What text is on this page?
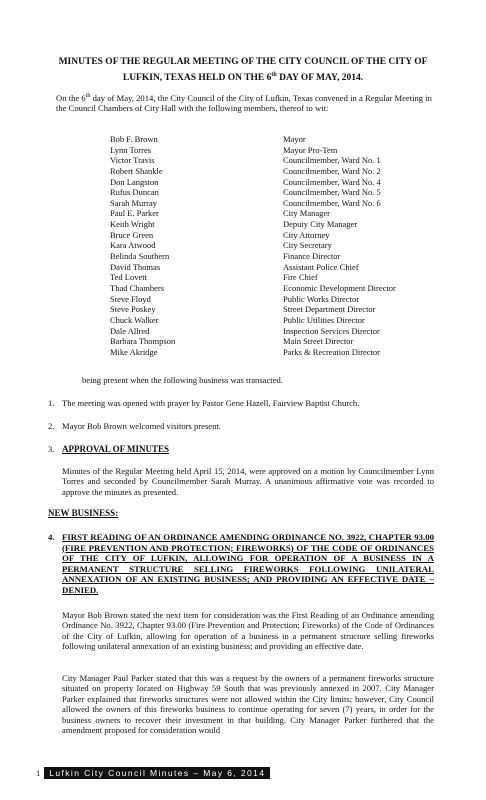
MINUTES OF THE REGULAR MEETING OF THE CITY COUNCIL OF THE CITY OF
LUFKIN, TEXAS HELD ON THE 6th DAY OF MAY, 2014.

On the 6th day of May, 2014, the City Council of the City of Lufkin, Texas convened in a Regular Meeting in the Council Chambers of City Hall with the following members, thereof to wit:

Bob F. Brown	Mayor
Lynn Torres	Mayor Pro-Tem
Victor Travis	Councilmember, Ward No. 1
Robert Shankle	Councilmember, Ward No. 2
Don Langston	Councilmember, Ward No. 4
Rufus Duncan	Councilmember, Ward No. 5
Sarah Murray	Councilmember, Ward No. 6
Paul E. Parker	City Manager
Keith Wright	Deputy City Manager
Bruce Green	City Attorney
Kara Atwood	City Secretary
Belinda Southern	Finance Director
David Thomas	Assistant Police Chief
Ted Lovett	Fire Chief
Thad Chambers	Economic Development Director
Steve Floyd	Public Works Director
Steve Poskey	Street Department Director
Chuck Walker	Public Utilities Director
Dale Allred	Inspection Services Director
Barbara Thompson	Main Street Director
Mike Akridge	Parks & Recreation Director
being present when the following business was transacted.
1. The meeting was opened with prayer by Pastor Gene Hazell, Fairview Baptist Church.
2. Mayor Bob Brown welcomed visitors present.
3. APPROVAL OF MINUTES

Minutes of the Regular Meeting held April 15, 2014, were approved on a motion by Councilmember Lynn Torres and seconded by Councilmember Sarah Murray. A unanimous affirmative vote was recorded to approve the minutes as presented.

NEW BUSINESS:
4. FIRST READING OF AN ORDINANCE AMENDING ORDINANCE NO. 3922, CHAPTER 93.00 (FIRE PREVENTION AND PROTECTION; FIREWORKS) OF THE CODE OF ORDINANCES OF THE CITY OF LUFKIN, ALLOWING FOR OPERATION OF A BUSINESS IN A PERMANENT STRUCTURE SELLING FIREWORKS FOLLOWING UNILATERAL ANNEXATION OF AN EXISTING BUSINESS; AND PROVIDING AN EFFECTIVE DATE – DENIED.

Mayor Bob Brown stated the next item for consideration was the First Reading of an Ordinance amending Ordinance No. 3922, Chapter 93.00 (Fire Prevention and Protection; Fireworks) of the Code of Ordinances of the City of Lufkin, allowing for operation of a business in a permanent structure selling fireworks following unilateral annexation of an existing business; and providing an effective date.

City Manager Paul Parker stated that this was a request by the owners of a permanent fireworks structure situated on property located on Highway 59 South that was previously annexed in 2007. City Manager Parker explained that fireworks structures were not allowed within the City limits; however, City Council allowed the owners of this fireworks business to continue operating for seven (7) years, in order for the business owners to recover their investment in that building. City Manager Parker furthered that the amendment proposed for consideration would

1	Lufkin City Council Minutes – May 6, 2014
